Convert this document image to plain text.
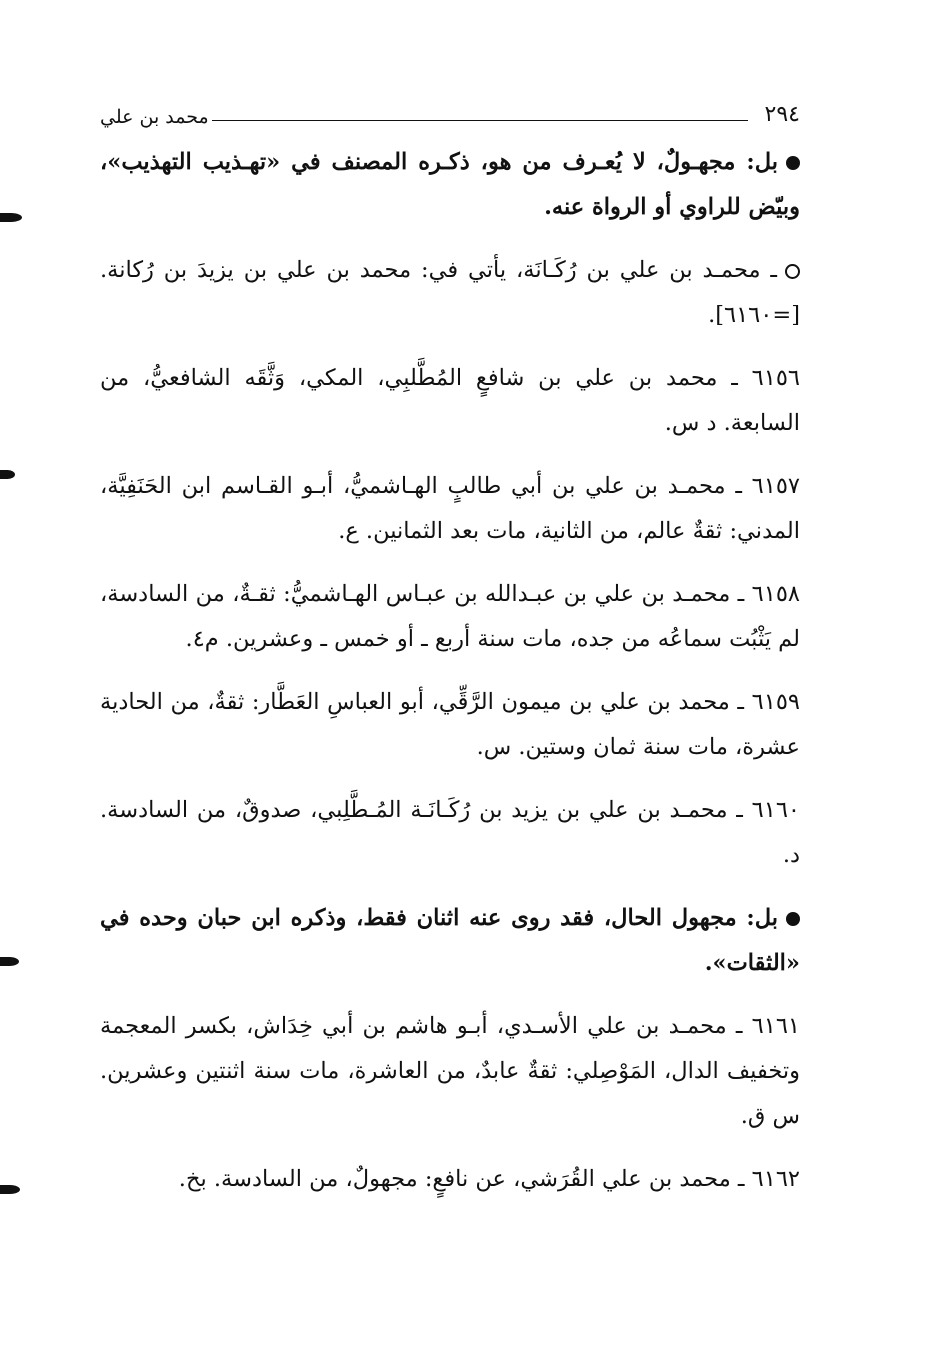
٢٩٤
محمد بن علي

بل: مجهـولٌ، لا يُعـرف من هو، ذكـره المصنف في «تهـذيب التهذيب»، وبيّض للراوي أو الرواة عنه.

ـ محمـد بن علي بن رُكَـانَة، يأتي في: محمد بن علي بن يزيدَ بن رُكانة. [=٦١٦٠].

٦١٥٦ ـ محمد بن علي بن شافعٍ المُطَّلبِي، المكي، وَثَّقَه الشافعيُّ، من السابعة. د س.

٦١٥٧ ـ محمـد بن علي بن أبي طالبٍ الهـاشميُّ، أبـو القـاسم ابن الحَنَفِيَّة، المدني: ثقةٌ عالم، من الثانية، مات بعد الثمانين. ع.

٦١٥٨ ـ محمـد بن علي بن عبـدالله بن عبـاس الهـاشميُّ: ثقـةٌ، من السادسة، لم يَثْبُت سماعُه من جده، مات سنة أربع ـ أو خمس ـ وعشرين. م٤.

٦١٥٩ ـ محمد بن علي بن ميمون الرَّقِّي، أبو العباسِ العَطَّار: ثقةٌ، من الحادية عشرة، مات سنة ثمان وستين. س.

٦١٦٠ ـ محمـد بن علي بن يزيد بن رُكَـانَـة المُـطَّلِبي، صدوقٌ، من السادسة. د.

بل: مجهول الحال، فقد روى عنه اثنان فقط، وذكره ابن حبان وحده في «الثقات».

٦١٦١ ـ محمـد بن علي الأسـدي، أبـو هاشم بن أبي خِدَاش، بكسر المعجمة وتخفيف الدال، المَوْصِلي: ثقةٌ عابدٌ، من العاشرة، مات سنة اثنتين وعشرين. س ق.

٦١٦٢ ـ محمد بن علي القُرَشي، عن نافعٍ: مجهولٌ، من السادسة. بخ.
